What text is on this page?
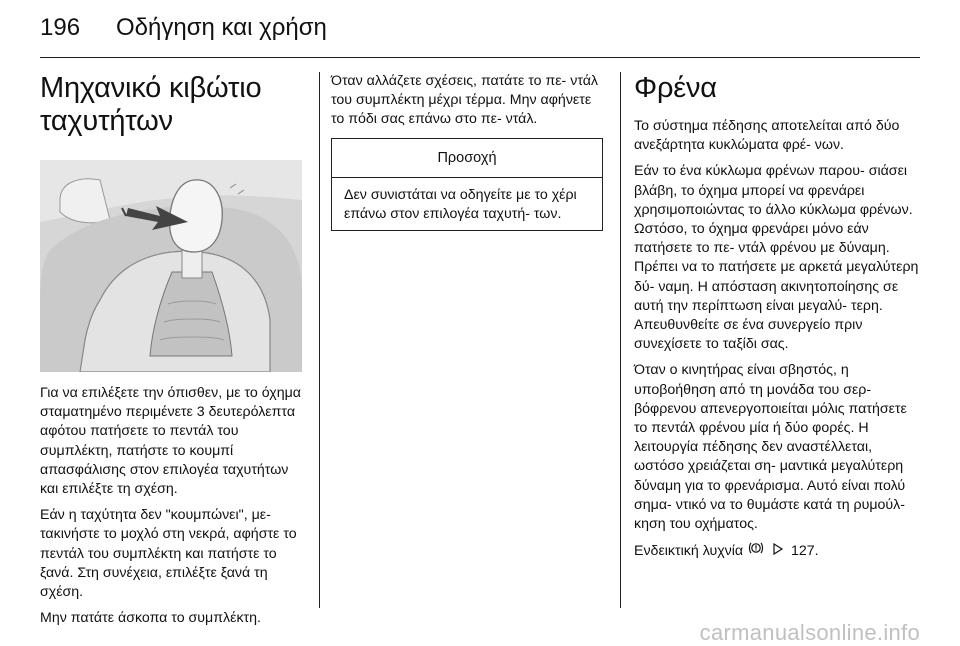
196 Οδήγηση και χρήση
Μηχανικό κιβώτιο
ταχυτήτων

Για να επιλέξετε την όπισθεν, με το όχημα σταματημένο περιμένετε 3 δευτερόλεπτα αφότου πατήσετε το πεντάλ του συμπλέκτη, πατήστε το κουμπί απασφάλισης στον επιλογέα ταχυτήτων και επιλέξτε τη σχέση.

Εάν η ταχύτητα δεν "κουμπώνει", με- τακινήστε το μοχλό στη νεκρά, αφήστε το πεντάλ του συμπλέκτη και πατήστε το ξανά. Στη συνέχεια, επιλέξτε ξανά τη σχέση.

Μην πατάτε άσκοπα το συμπλέκτη.

Όταν αλλάζετε σχέσεις, πατάτε το πε- ντάλ του συμπλέκτη μέχρι τέρμα. Μην αφήνετε το πόδι σας επάνω στο πε- ντάλ.

Προσοχή

Δεν συνιστάται να οδηγείτε με το χέρι επάνω στον επιλογέα ταχυτή- των.

Φρένα

Το σύστημα πέδησης αποτελείται από δύο ανεξάρτητα κυκλώματα φρέ- νων.

Εάν το ένα κύκλωμα φρένων παρου- σιάσει βλάβη, το όχημα μπορεί να φρενάρει χρησιμοποιώντας το άλλο κύκλωμα φρένων. Ωστόσο, το όχημα φρενάρει μόνο εάν πατήσετε το πε- ντάλ φρένου με δύναμη. Πρέπει να το πατήσετε με αρκετά μεγαλύτερη δύ- ναμη. Η απόσταση ακινητοποίησης σε αυτή την περίπτωση είναι μεγαλύ- τερη. Απευθυνθείτε σε ένα συνεργείο πριν συνεχίσετε το ταξίδι σας.

Όταν ο κινητήρας είναι σβηστός, η υποβοήθηση από τη μονάδα του σερ- βόφρενου απενεργοποιείται μόλις πατήσετε το πεντάλ φρένου μία ή δύο φορές. Η λειτουργία πέδησης δεν αναστέλλεται, ωστόσο χρειάζεται ση- μαντικά μεγαλύτερη δύναμη για το φρενάρισμα. Αυτό είναι πολύ σημα- ντικό να το θυμάστε κατά τη ρυμούλ- κηση του οχήματος.

Ενδεικτική λυχνία	127.

carmanualsonline.info
